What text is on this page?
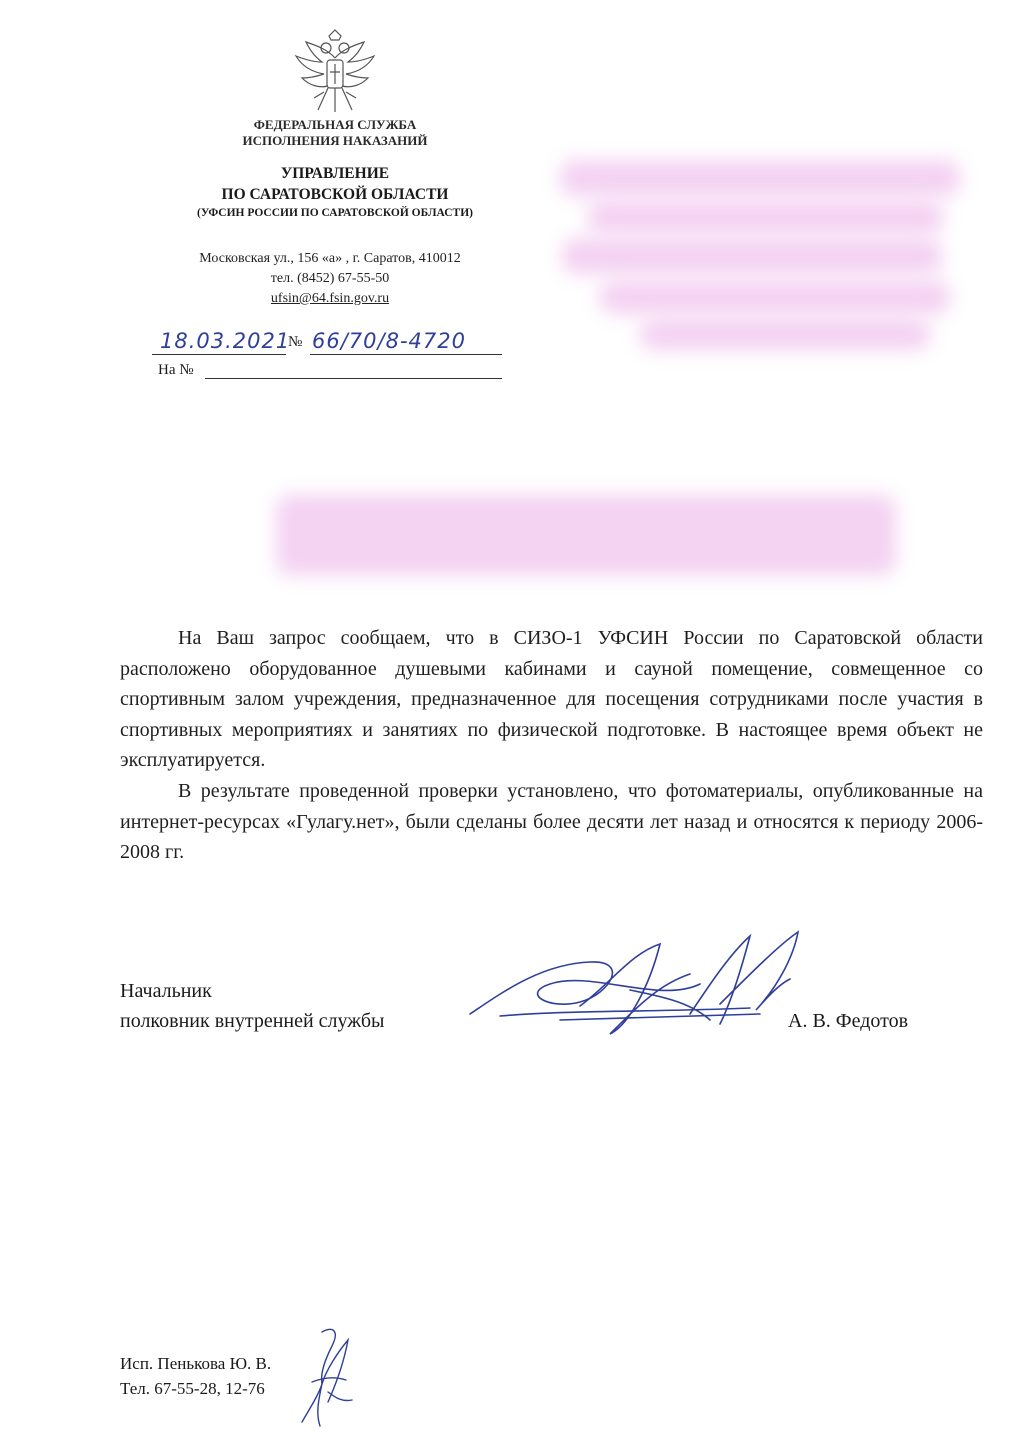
ФЕДЕРАЛЬНАЯ СЛУЖБА
ИСПОЛНЕНИЯ НАКАЗАНИЙ
УПРАВЛЕНИЕ
ПО САРАТОВСКОЙ ОБЛАСТИ
(УФСИН РОССИИ ПО САРАТОВСКОЙ ОБЛАСТИ)
Московская ул., 156 «а» , г. Саратов, 410012
тел. (8452) 67-55-50
ufsin@64.fsin.gov.ru
18.03.2021
№ 66/70/8-4720
На №

На Ваш запрос сообщаем, что в СИЗО-1 УФСИН России по Саратовской области расположено оборудованное душевыми кабинами и сауной помещение, совмещенное со спортивным залом учреждения, предназначенное для посещения сотрудниками после участия в спортивных мероприятиях и занятиях по физической подготовке. В настоящее время объект не эксплуатируется.

В результате проведенной проверки установлено, что фотоматериалы, опубликованные на интернет-ресурсах «Гулагу.нет», были сделаны более десяти лет назад и относятся к периоду 2006-2008 гг.

Начальник
полковник внутренней службы	А. В. Федотов
Исп. Пенькова Ю. В.
Тел. 67-55-28, 12-76
